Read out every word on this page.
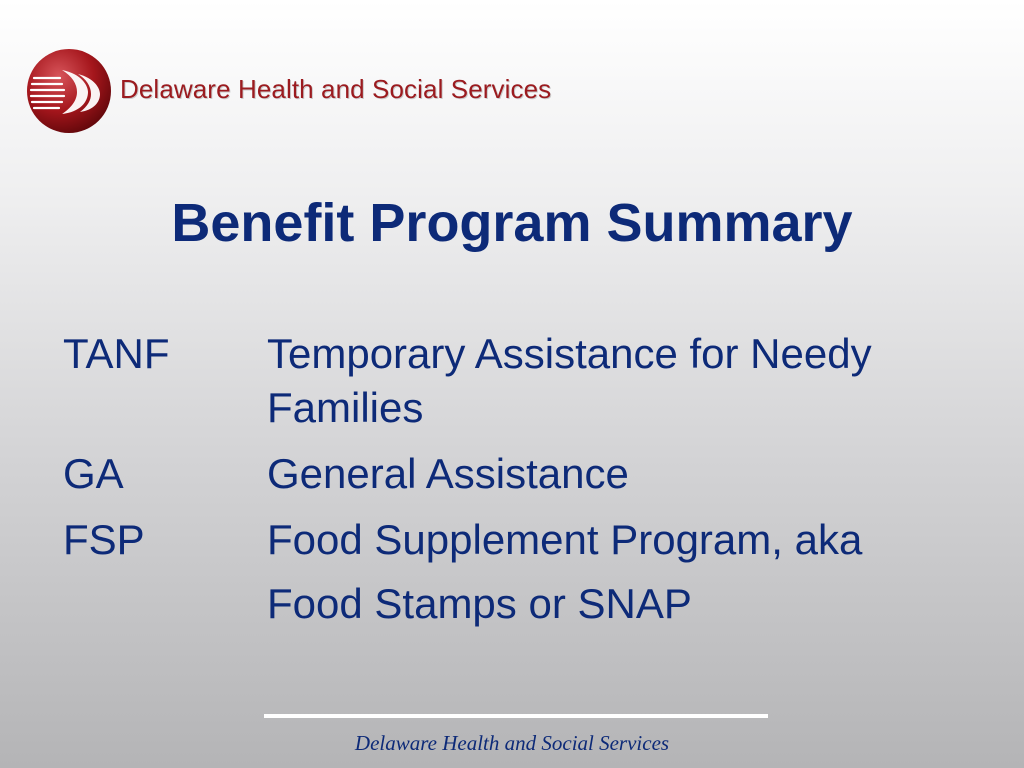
Delaware Health and Social Services
Benefit Program Summary
TANF	Temporary Assistance for Needy
Families
GA	General Assistance
FSP	Food Supplement Program, aka
Food Stamps or SNAP
Delaware Health and Social Services
